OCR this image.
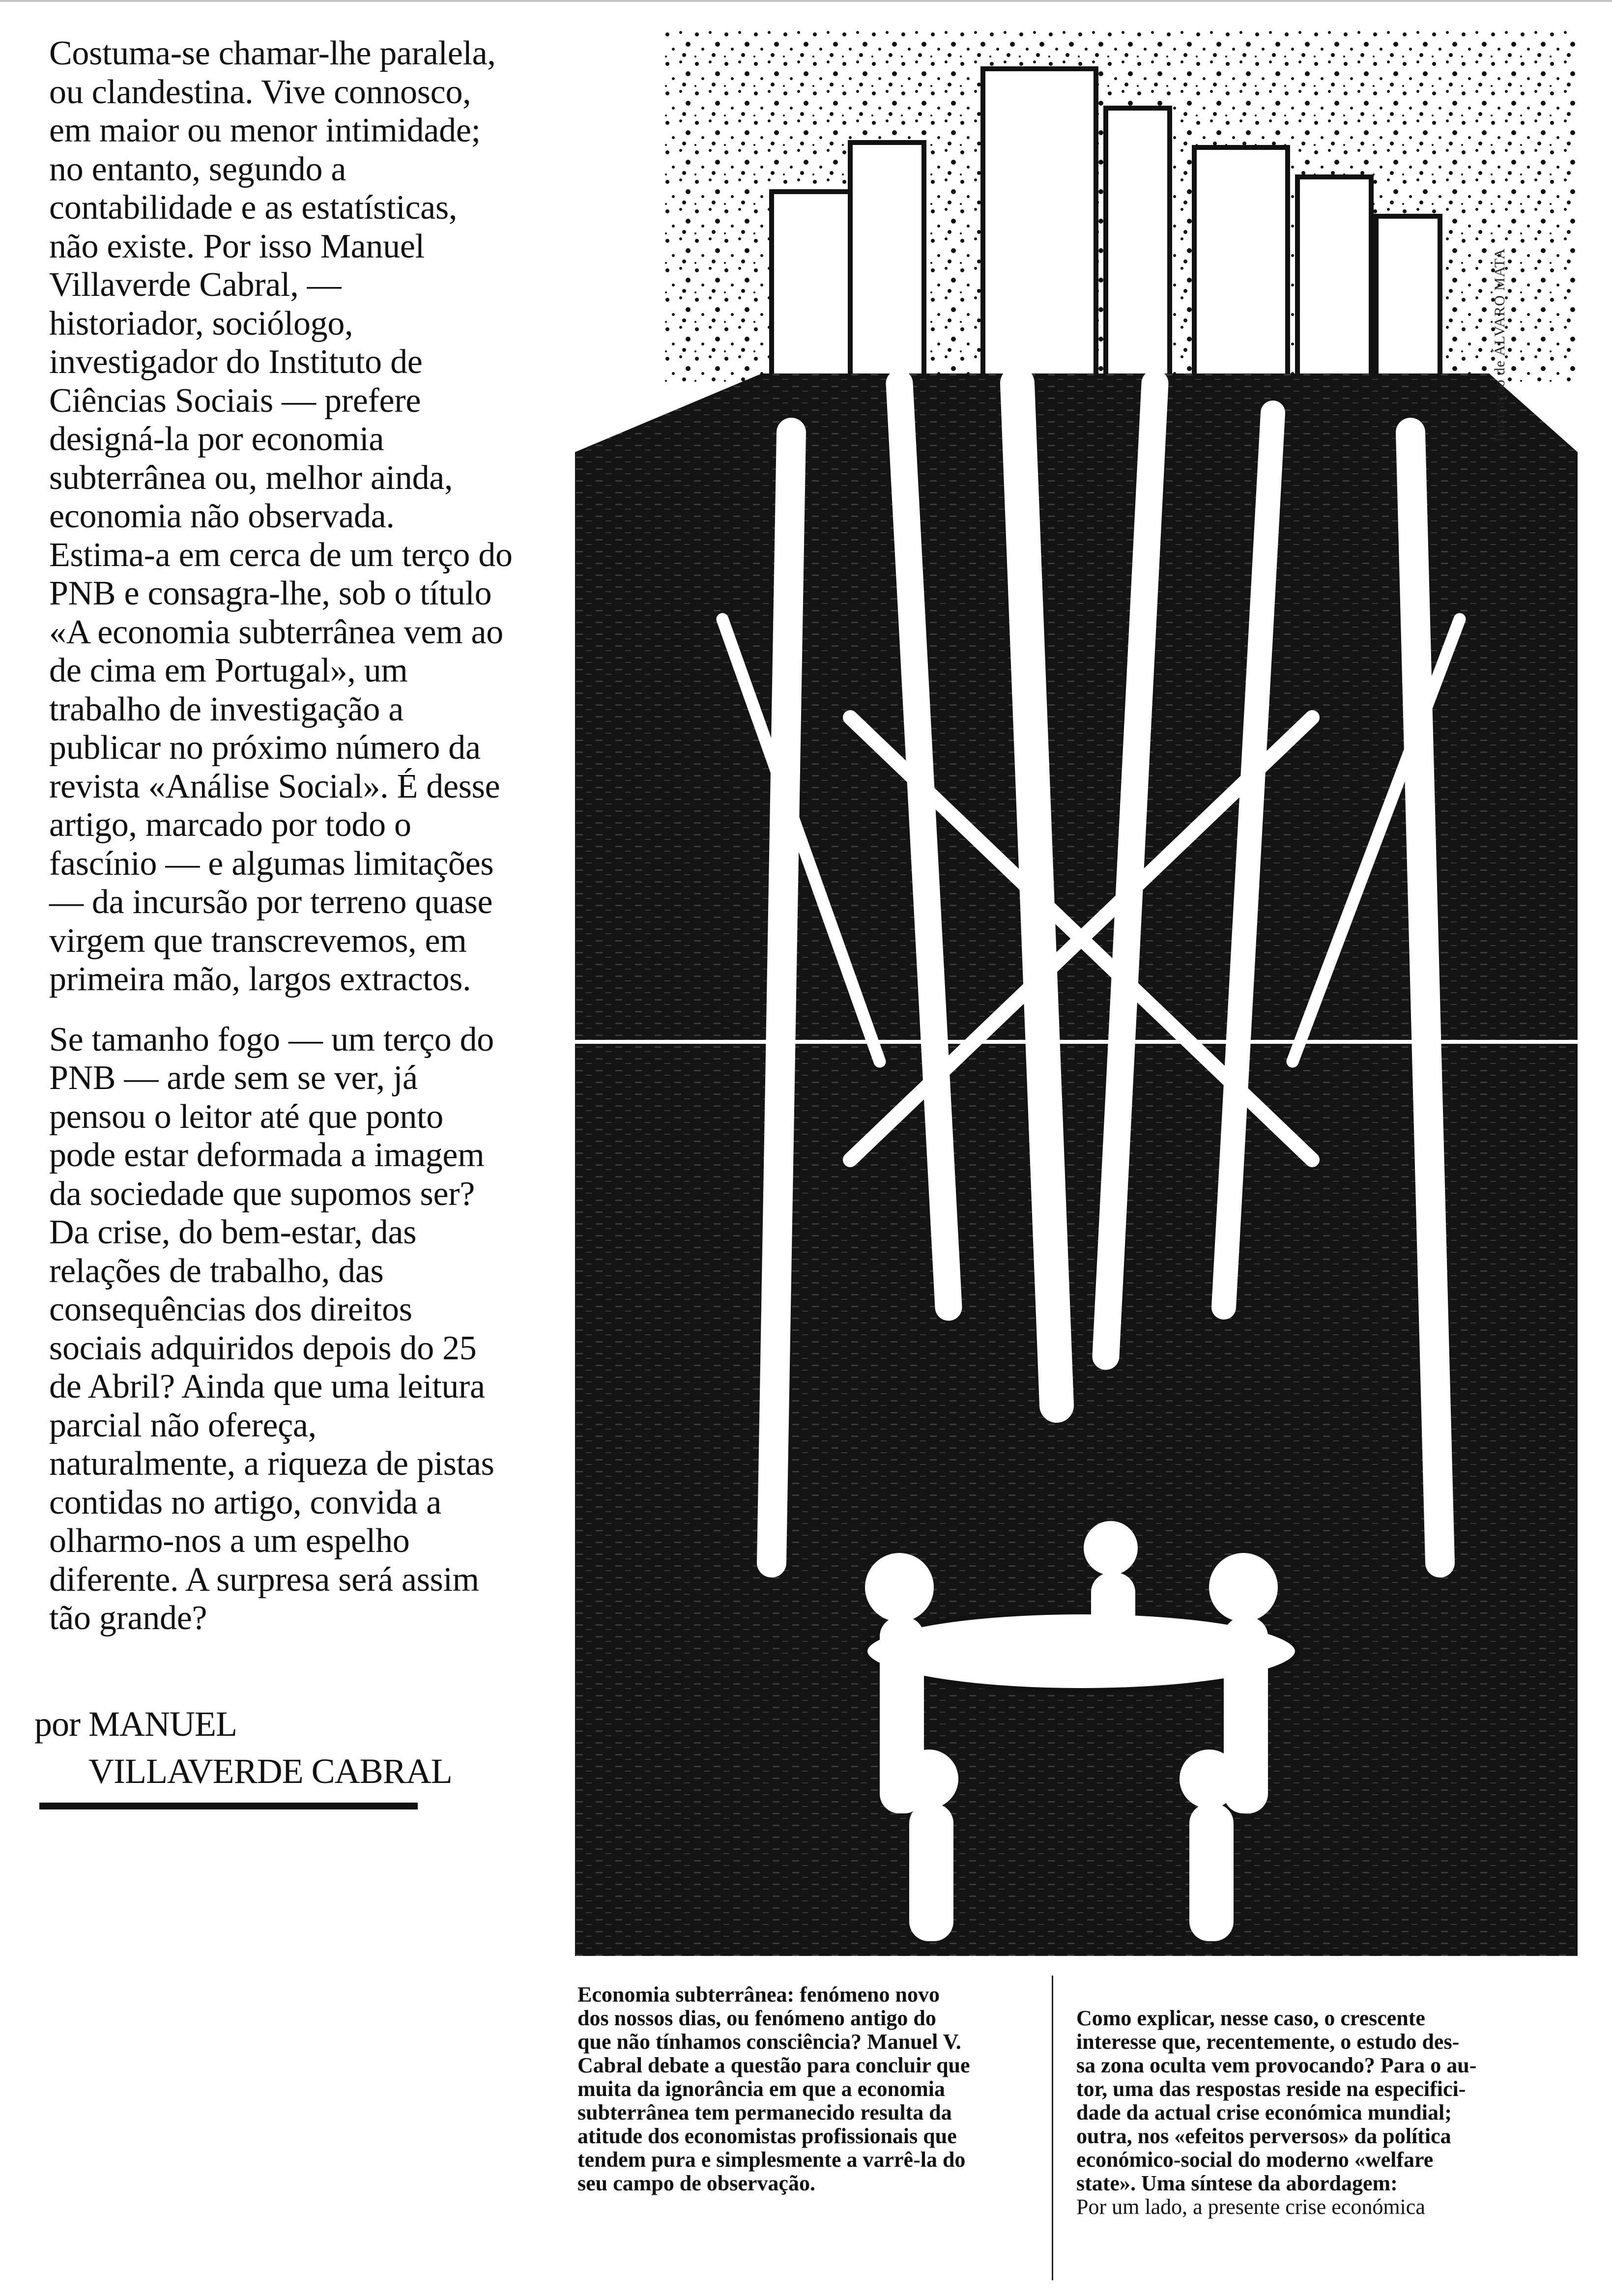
Costuma-se chamar-lhe paralela,
ou clandestina. Vive connosco,
em maior ou menor intimidade;
no entanto, segundo a
contabilidade e as estatísticas,
não existe. Por isso Manuel
Villaverde Cabral, —
historiador, sociólogo,
investigador do Instituto de
Ciências Sociais — prefere
designá-la por economia
subterrânea ou, melhor ainda,
economia não observada.
Estima-a em cerca de um terço do
PNB e consagra-lhe, sob o título
«A economia subterrânea vem ao
de cima em Portugal», um
trabalho de investigação a
publicar no próximo número da
revista «Análise Social». É desse
artigo, marcado por todo o
fascínio — e algumas limitações
— da incursão por terreno quase
virgem que transcrevemos, em
primeira mão, largos extractos.

Se tamanho fogo — um terço do
PNB — arde sem se ver, já
pensou o leitor até que ponto
pode estar deformada a imagem
da sociedade que supomos ser?
Da crise, do bem-estar, das
relações de trabalho, das
consequências dos direitos
sociais adquiridos depois do 25
de Abril? Ainda que uma leitura
parcial não ofereça,
naturalmente, a riqueza de pistas
contidas no artigo, convida a
olharmo-nos a um espelho
diferente. A surpresa será assim
tão grande?

por MANUEL
VILLAVERDE CABRAL
Ilustração de ÁLVARO MATA
Economia subterrânea: fenómeno novo
dos nossos dias, ou fenómeno antigo do
que não tínhamos consciência? Manuel V.
Cabral debate a questão para concluir que
muita da ignorância em que a economia
subterrânea tem permanecido resulta da
atitude dos economistas profissionais que
tendem pura e simplesmente a varrê-la do
seu campo de observação.

Como explicar, nesse caso, o crescente
interesse que, recentemente, o estudo des-
sa zona oculta vem provocando? Para o au-
tor, uma das respostas reside na especifici-
dade da actual crise económica mundial;
outra, nos «efeitos perversos» da política
económico-social do moderno «welfare
state». Uma síntese da abordagem:

Por um lado, a presente crise económica
